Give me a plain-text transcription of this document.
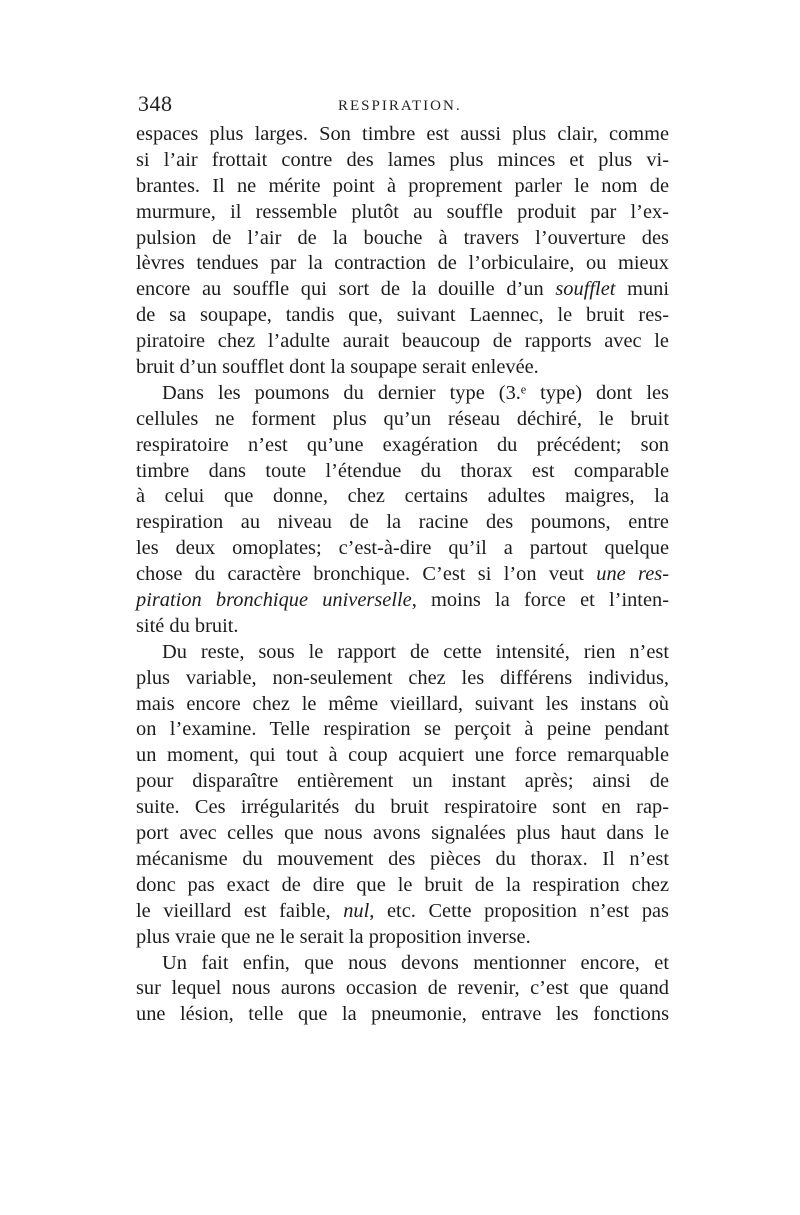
348	RESPIRATION.
espaces plus larges. Son timbre est aussi plus clair, comme
si l’air frottait contre des lames plus minces et plus vi-
brantes. Il ne mérite point à proprement parler le nom de
murmure, il ressemble plutôt au souffle produit par l’ex-
pulsion de l’air de la bouche à travers l’ouverture des
lèvres tendues par la contraction de l’orbiculaire, ou mieux
encore au souffle qui sort de la douille d’un soufflet muni
de sa soupape, tandis que, suivant Laennec, le bruit res-
piratoire chez l’adulte aurait beaucoup de rapports avec le
bruit d’un soufflet dont la soupape serait enlevée.
Dans les poumons du dernier type (3.ᵉ type) dont les
cellules ne forment plus qu’un réseau déchiré, le bruit
respiratoire n’est qu’une exagération du précédent; son
timbre dans toute l’étendue du thorax est comparable
à celui que donne, chez certains adultes maigres, la
respiration au niveau de la racine des poumons, entre
les deux omoplates; c’est-à-dire qu’il a partout quelque
chose du caractère bronchique. C’est si l’on veut une res-
piration bronchique universelle, moins la force et l’inten-
sité du bruit.
Du reste, sous le rapport de cette intensité, rien n’est
plus variable, non-seulement chez les différens individus,
mais encore chez le même vieillard, suivant les instans où
on l’examine. Telle respiration se perçoit à peine pendant
un moment, qui tout à coup acquiert une force remarquable
pour disparaître entièrement un instant après; ainsi de
suite. Ces irrégularités du bruit respiratoire sont en rap-
port avec celles que nous avons signalées plus haut dans le
mécanisme du mouvement des pièces du thorax. Il n’est
donc pas exact de dire que le bruit de la respiration chez
le vieillard est faible, nul, etc. Cette proposition n’est pas
plus vraie que ne le serait la proposition inverse.
Un fait enfin, que nous devons mentionner encore, et
sur lequel nous aurons occasion de revenir, c’est que quand
une lésion, telle que la pneumonie, entrave les fonctions
